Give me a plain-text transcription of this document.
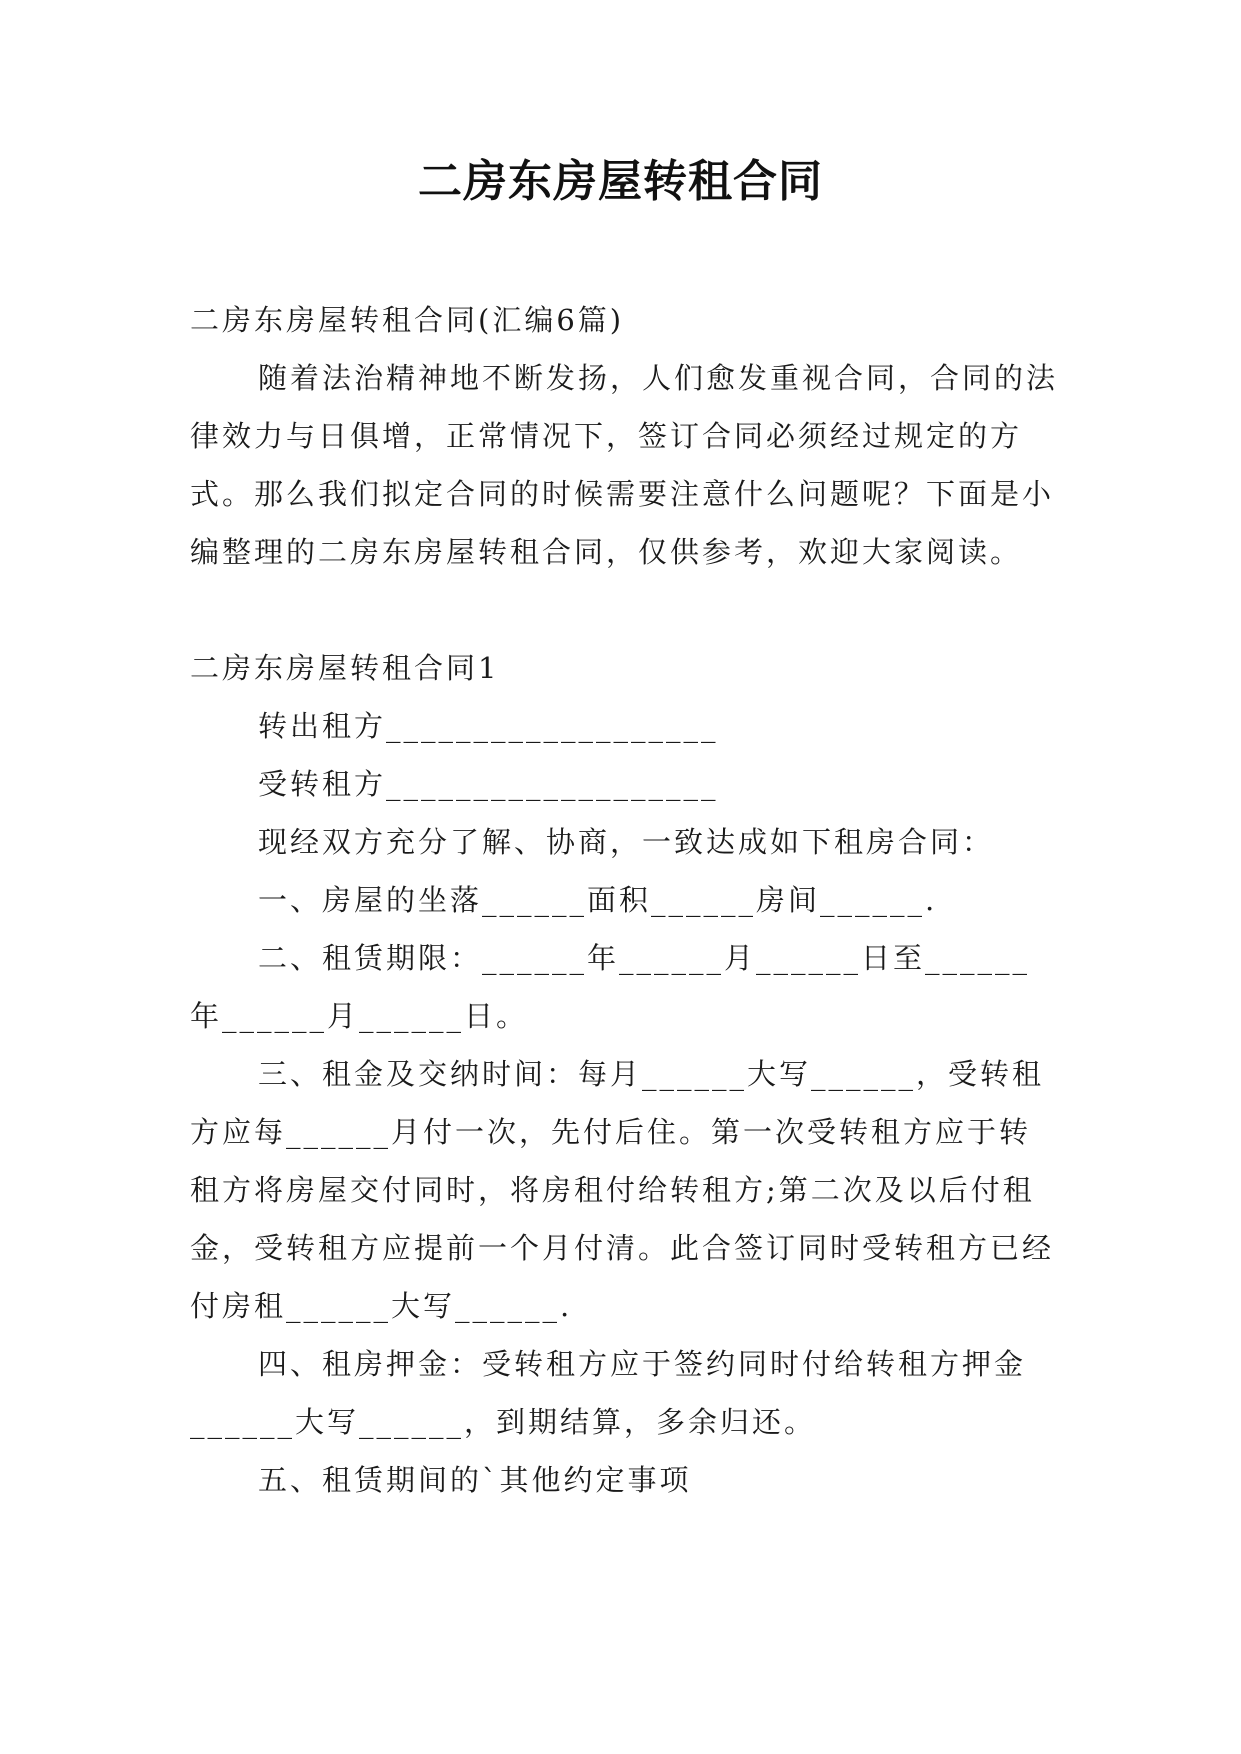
二房东房屋转租合同

二房东房屋转租合同(汇编6篇)

随着法治精神地不断发扬，人们愈发重视合同，合同的法律效力与日俱增，正常情况下，签订合同必须经过规定的方式。那么我们拟定合同的时候需要注意什么问题呢？下面是小编整理的二房东房屋转租合同，仅供参考，欢迎大家阅读。

二房东房屋转租合同1

转出租方___________________

受转租方___________________

现经双方充分了解、协商，一致达成如下租房合同：

一、房屋的坐落______面积______房间______.

二、租赁期限：______年______月______日至______年______月______日。

三、租金及交纳时间：每月______大写______，受转租方应每______月付一次，先付后住。第一次受转租方应于转租方将房屋交付同时，将房租付给转租方;第二次及以后付租金，受转租方应提前一个月付清。此合签订同时受转租方已经付房租______大写______.

四、租房押金：受转租方应于签约同时付给转租方押金______大写______，到期结算，多余归还。

五、租赁期间的`其他约定事项
